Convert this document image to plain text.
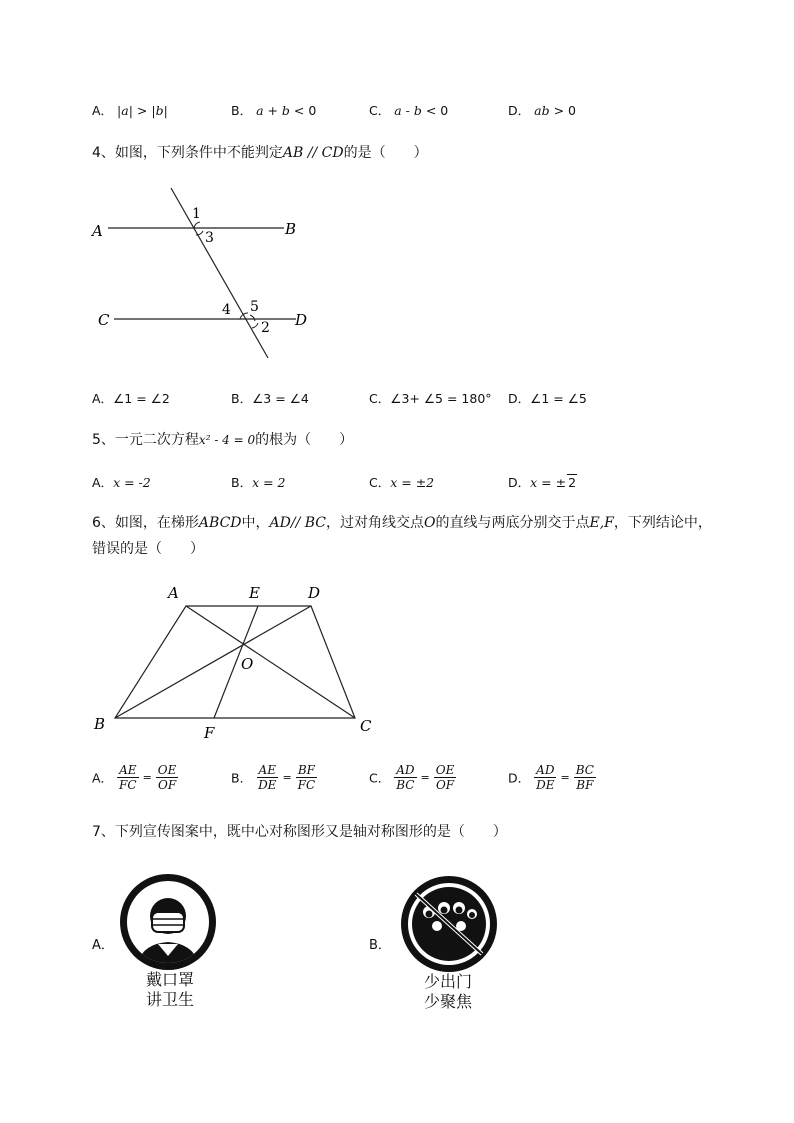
A． |a| > |b|	B． a + b < 0	C． a - b < 0	D． ab > 0
4、如图，下列条件中不能判定AB // CD的是（　　）
A	B
C	D
1
3
4 5
2
A．∠1 = ∠2	B．∠3 = ∠4	C．∠3+ ∠5 = 180° D．∠1 = ∠5
5、一元二次方程x² - 4 = 0的根为（　　）
A．x = -2	B．x = 2	C．x = ±2	D．x = ± 2
6、如图，在梯形ABCD中，AD// BC，过对角线交点O的直线与两底分别交于点E,F，下列结论中，
错误的是（　　）
A	E	D
O
B	F	C
A． $\frac{AE}{FC} = \frac{OE}{OF}$	B． $\frac{AE}{DE} = \frac{BF}{FC}$	C． $\frac{AD}{BC} = \frac{OE}{OF}$	D． $\frac{AD}{DE} = \frac{BC}{BF}$
7、下列宣传图案中，既中心对称图形又是轴对称图形的是（　　）
A．
戴口罩
讲卫生
B．
少出门
少聚焦
